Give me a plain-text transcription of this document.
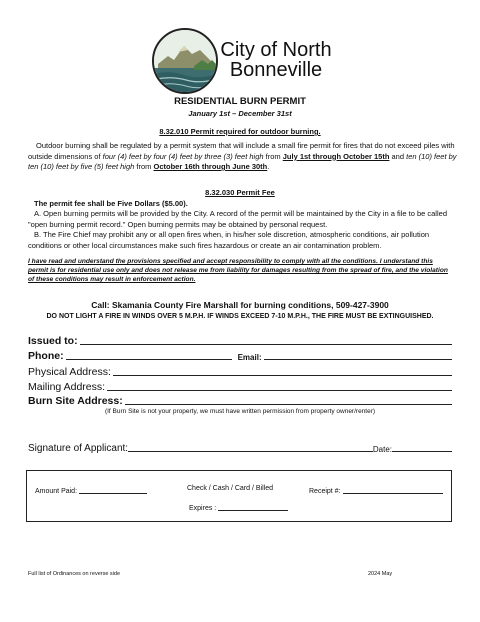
City of North
Bonneville
RESIDENTIAL BURN PERMIT
January 1st – December 31st
8.32.010 Permit required for outdoor burning.
Outdoor burning shall be regulated by a permit system that will include a small fire permit for fires that do not exceed piles with outside dimensions of four (4) feet by four (4) feet by three (3) feet high from July 1st through October 15th and ten (10) feet by ten (10) feet by five (5) feet high from October 16th through June 30th.
8.32.030 Permit Fee
The permit fee shall be Five Dollars ($5.00).
A. Open burning permits will be provided by the City. A record of the permit will be maintained by the City in a file to be called "open burning permit record." Open burning permits may be obtained by personal request.
B. The Fire Chief may prohibit any or all open fires when, in his/her sole discretion, atmospheric conditions, air pollution conditions or other local circumstances make such fires hazardous or create an air contamination problem.
I have read and understand the provisions specified and accept responsibility to comply with all the conditions. I understand this permit is for residential use only and does not release me from liability for damages resulting from the spread of fire, and the violation of these conditions may result in enforcement action.
Call: Skamania County Fire Marshall for burning conditions, 509-427-3900
DO NOT LIGHT A FIRE IN WINDS OVER 5 M.P.H. IF WINDS EXCEED 7-10 M.P.H., THE FIRE MUST BE EXTINGUISHED.
Issued to:
Phone:	Email:
Physical Address:
Mailing Address:
Burn Site Address:
(If Burn Site is not your property, we must have written permission from property owner/renter)
Signature of Applicant:	Date:
Amount Paid:	Check / Cash / Card / Billed	Receipt #:
Expires :
Full list of Ordinances on reverse side	2024 May
